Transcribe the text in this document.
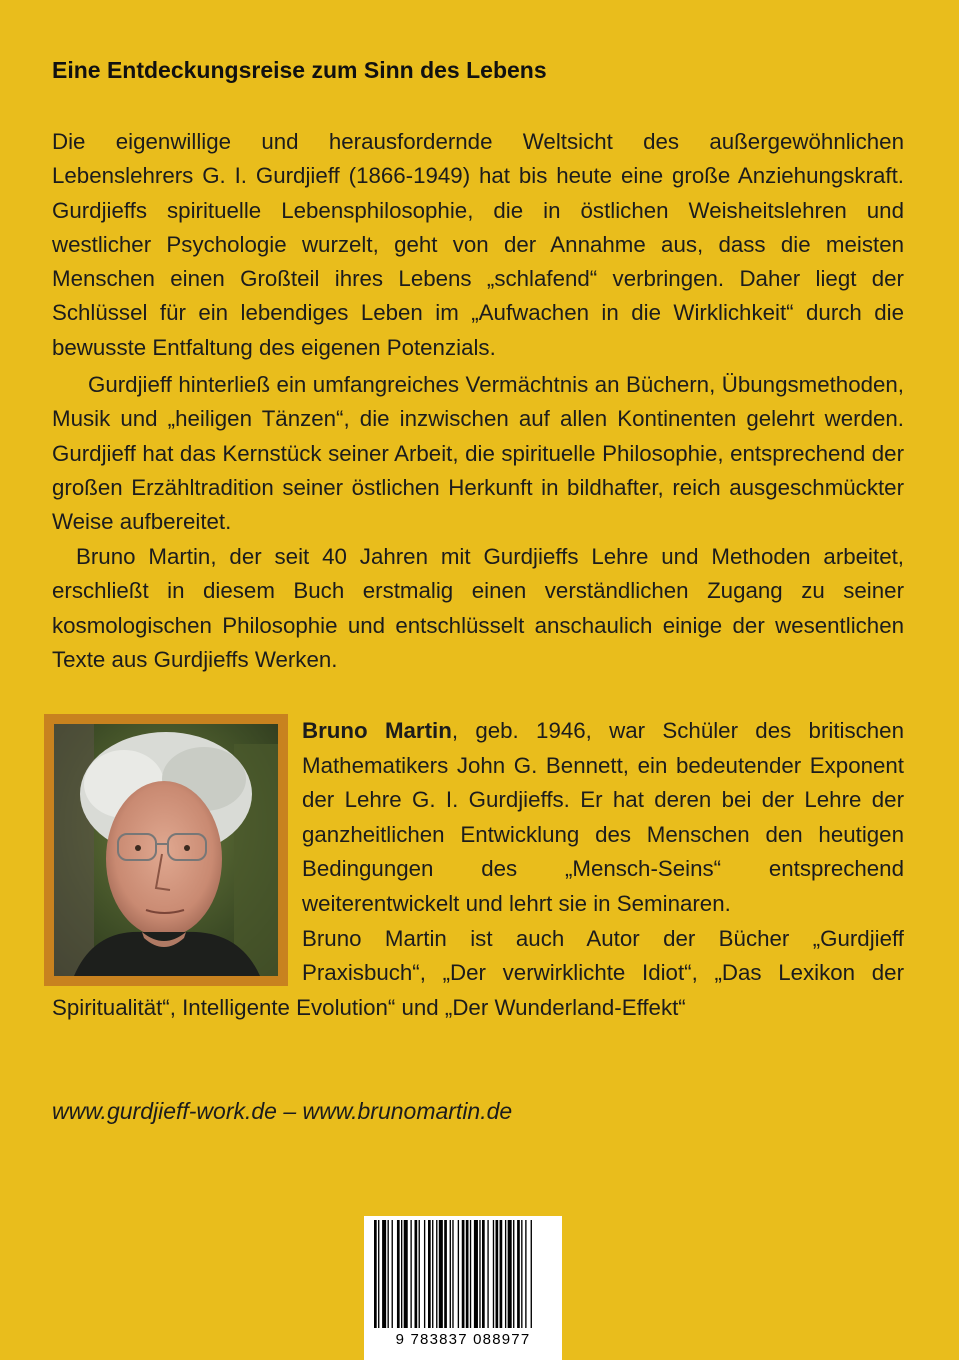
Eine Entdeckungsreise zum Sinn des Lebens

Die eigenwillige und herausfordernde Weltsicht des außergewöhnlichen Lebenslehrers G. I. Gurdjieff (1866-1949) hat bis heute eine große Anziehungskraft. Gurdjieffs spirituelle Lebensphilosophie, die in östlichen Weisheitslehren und westlicher Psychologie wurzelt, geht von der Annahme aus, dass die meisten Menschen einen Großteil ihres Lebens „schlafend“ verbringen. Daher liegt der Schlüssel für ein lebendiges Leben im „Aufwachen in die Wirklichkeit“ durch die bewusste Entfaltung des eigenen Potenzials.

Gurdjieff hinterließ ein umfangreiches Vermächtnis an Büchern, Übungsmethoden, Musik und „heiligen Tänzen“, die inzwischen auf allen Kontinenten gelehrt werden. Gurdjieff hat das Kernstück seiner Arbeit, die spirituelle Philosophie, entsprechend der großen Erzähltradition seiner östlichen Herkunft in bildhafter, reich ausgeschmückter Weise aufbereitet.

Bruno Martin, der seit 40 Jahren mit Gurdjieffs Lehre und Methoden arbeitet, erschließt in diesem Buch erstmalig einen verständlichen Zugang zu seiner kosmologischen Philosophie und entschlüsselt anschaulich einige der wesentlichen Texte aus Gurdjieffs Werken.

Bruno Martin, geb. 1946, war Schüler des britischen Mathematikers John G. Bennett, ein bedeutender Exponent der Lehre G. I. Gurdjieffs. Er hat deren bei der Lehre der ganzheitlichen Entwicklung des Menschen den heutigen Bedingungen des „Mensch-Seins“ entsprechend weiterentwickelt und lehrt sie in Seminaren.
Bruno Martin ist auch Autor der Bücher „Gurdjieff Praxisbuch“, „Der verwirklichte Idiot“, „Das Lexikon der Spiritualität“, Intelligente Evolution“ und „Der Wunderland-Effekt“

www.gurdjieff-work.de – www.brunomartin.de

9 783837 088977
